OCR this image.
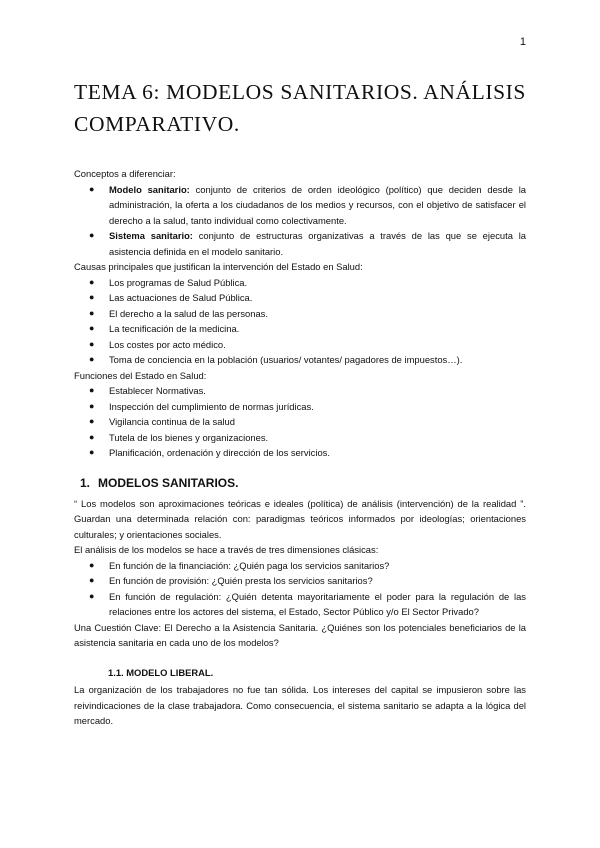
1
TEMA 6: MODELOS SANITARIOS. ANÁLISIS COMPARATIVO.

Conceptos a diferenciar:

● Modelo sanitario: conjunto de criterios de orden ideológico (político) que deciden desde la administración, la oferta a los ciudadanos de los medios y recursos, con el objetivo de satisfacer el derecho a la salud, tanto individual como colectivamente.
● Sistema sanitario: conjunto de estructuras organizativas a través de las que se ejecuta la asistencia definida en el modelo sanitario.

Causas principales que justifican la intervención del Estado en Salud:

● Los programas de Salud Pública.
● Las actuaciones de Salud Pública.
● El derecho a la salud de las personas.
● La tecnificación de la medicina.
● Los costes por acto médico.
● Toma de conciencia en la población (usuarios/ votantes/ pagadores de impuestos…).

Funciones del Estado en Salud:

● Establecer Normativas.
● Inspección del cumplimiento de normas jurídicas.
● Vigilancia continua de la salud
● Tutela de los bienes y organizaciones.
● Planificación, ordenación y dirección de los servicios.
1. MODELOS SANITARIOS.

“ Los modelos son aproximaciones teóricas e ideales (política) de análisis (intervención) de la realidad ”. Guardan una determinada relación con: paradigmas teóricos informados por ideologías; orientaciones culturales; y orientaciones sociales.

El análisis de los modelos se hace a través de tres dimensiones clásicas:

● En función de la financiación: ¿Quién paga los servicios sanitarios?
● En función de provisión: ¿Quién presta los servicios sanitarios?
● En función de regulación: ¿Quién detenta mayoritariamente el poder para la regulación de las relaciones entre los actores del sistema, el Estado, Sector Público y/o El Sector Privado?

Una Cuestión Clave: El Derecho a la Asistencia Sanitaria. ¿Quiénes son los potenciales beneficiarios de la asistencia sanitaria en cada uno de los modelos?

1.1. MODELO LIBERAL.

La organización de los trabajadores no fue tan sólida. Los intereses del capital se impusieron sobre las reivindicaciones de la clase trabajadora. Como consecuencia, el sistema sanitario se adapta a la lógica del mercado.
